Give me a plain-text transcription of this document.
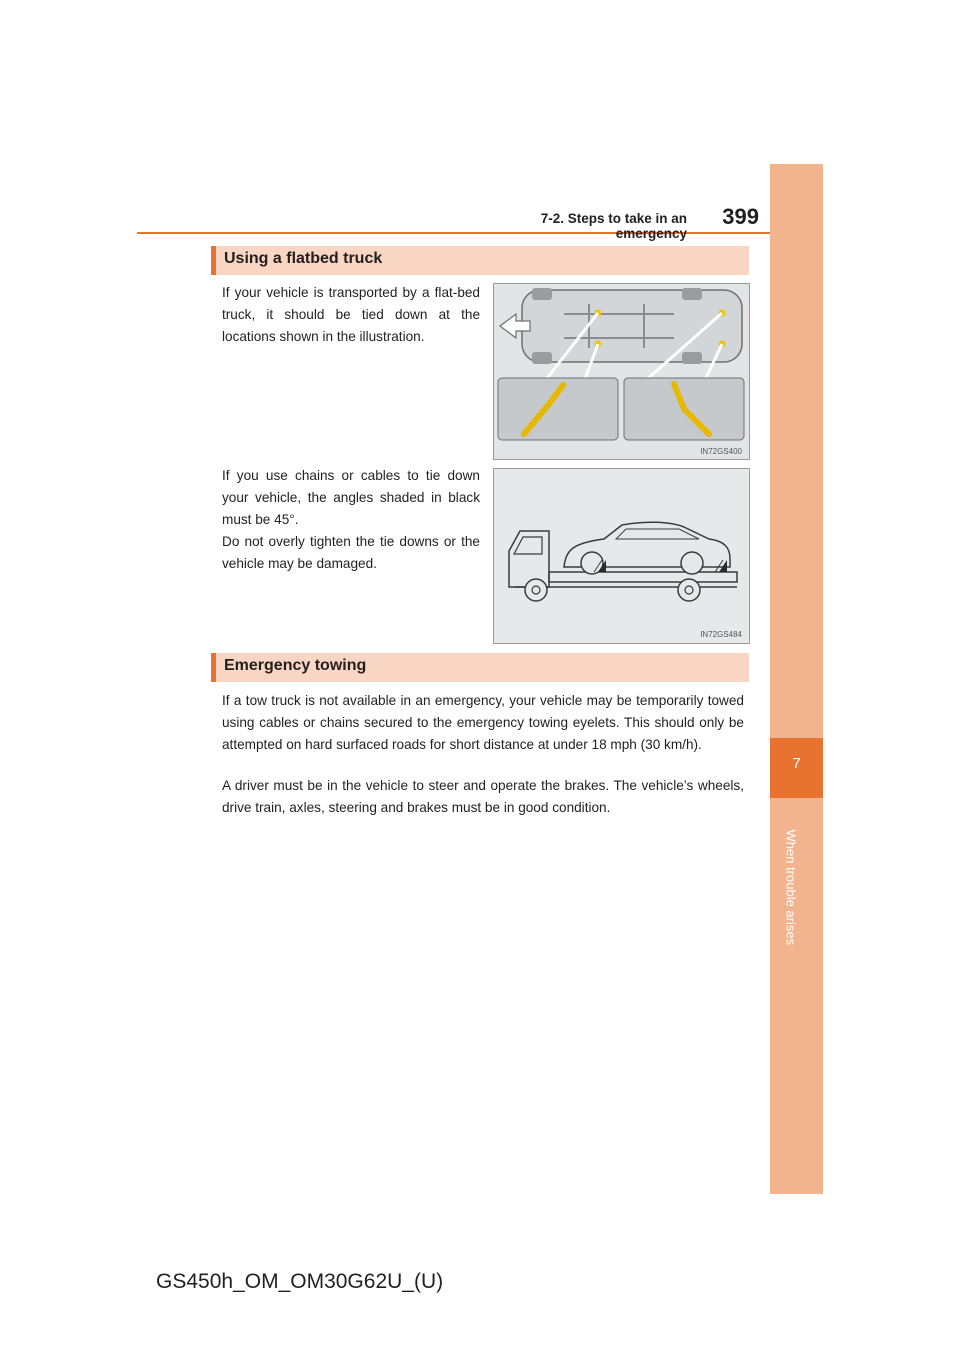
7-2. Steps to take in an emergency
399
7
When trouble arises
Using a flatbed truck
If your vehicle is transported by a flat-bed truck, it should be tied down at the locations shown in the illustration.
IN72GS400
If you use chains or cables to tie down your vehicle, the angles shaded in black must be 45°.
Do not overly tighten the tie downs or the vehicle may be damaged.
IN72GS484
Emergency towing
If a tow truck is not available in an emergency, your vehicle may be temporarily towed using cables or chains secured to the emergency towing eyelets. This should only be attempted on hard surfaced roads for short distance at under 18 mph (30 km/h).
A driver must be in the vehicle to steer and operate the brakes. The vehicle’s wheels, drive train, axles, steering and brakes must be in good condition.
GS450h_OM_OM30G62U_(U)
